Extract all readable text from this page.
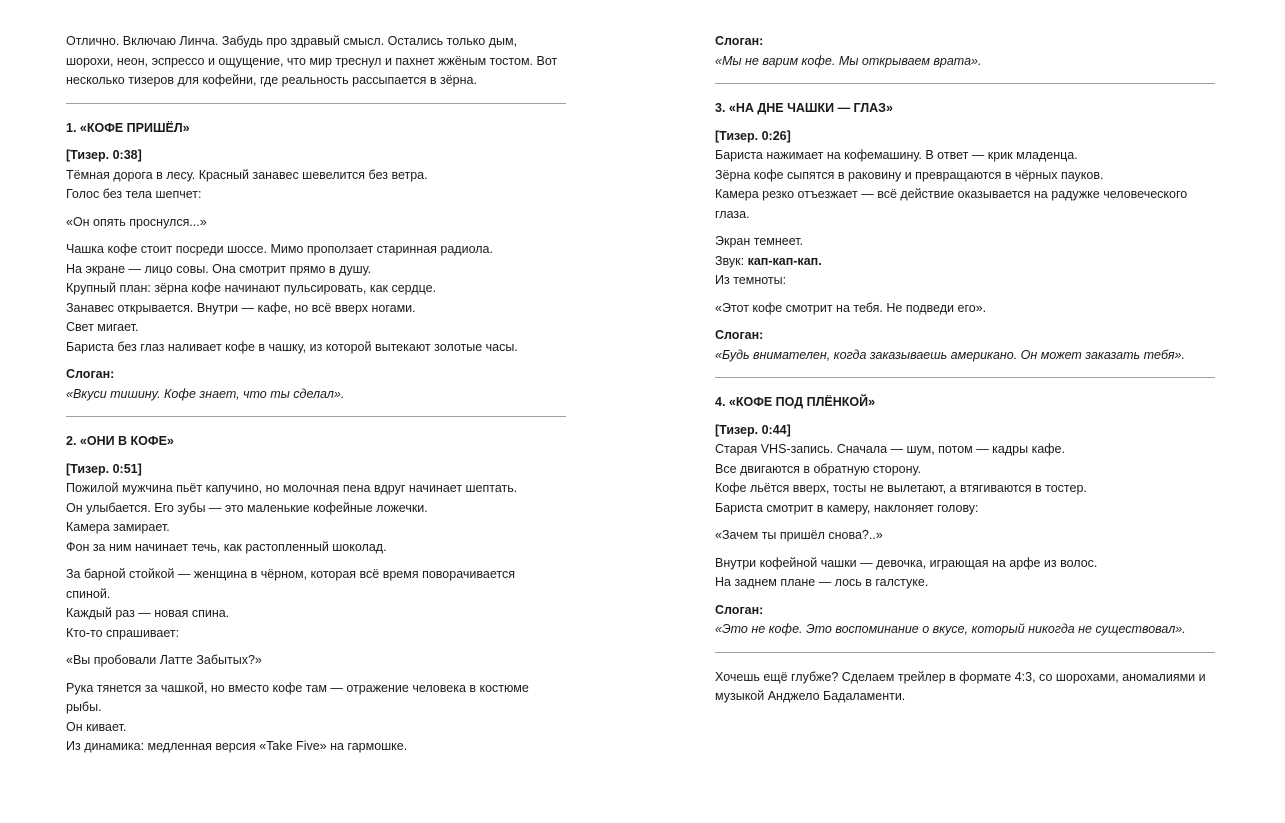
Отлично. Включаю Линча. Забудь про здравый смысл. Остались только дым,
шорохи, неон, эспрессо и ощущение, что мир треснул и пахнет жжёным тостом. Вот
несколько тизеров для кофейни, где реальность рассыпается в зёрна.

1. «КОФЕ ПРИШЁЛ»

[Тизер. 0:38]
Тёмная дорога в лесу. Красный занавес шевелится без ветра.
Голос без тела шепчет:

«Он опять проснулся...»

Чашка кофе стоит посреди шоссе. Мимо проползает старинная радиола.
На экране — лицо совы. Она смотрит прямо в душу.
Крупный план: зёрна кофе начинают пульсировать, как сердце.
Занавес открывается. Внутри — кафе, но всё вверх ногами.
Свет мигает.
Бариста без глаз наливает кофе в чашку, из которой вытекают золотые часы.

Слоган:
«Вкуси тишину. Кофе знает, что ты сделал».

2. «ОНИ В КОФЕ»

[Тизер. 0:51]
Пожилой мужчина пьёт капучино, но молочная пена вдруг начинает шептать.
Он улыбается. Его зубы — это маленькие кофейные ложечки.
Камера замирает.
Фон за ним начинает течь, как растопленный шоколад.

За барной стойкой — женщина в чёрном, которая всё время поворачивается
спиной.
Каждый раз — новая спина.
Кто-то спрашивает:

«Вы пробовали Латте Забытых?»

Рука тянется за чашкой, но вместо кофе там — отражение человека в костюме
рыбы.
Он кивает.
Из динамика: медленная версия «Take Five» на гармошке.

Слоган:
«Мы не варим кофе. Мы открываем врата».

3. «НА ДНЕ ЧАШКИ — ГЛАЗ»

[Тизер. 0:26]
Бариста нажимает на кофемашину. В ответ — крик младенца.
Зёрна кофе сыпятся в раковину и превращаются в чёрных пауков.
Камера резко отъезжает — всё действие оказывается на радужке человеческого
глаза.

Экран темнеет.
Звук: кап-кап-кап.
Из темноты:

«Этот кофе смотрит на тебя. Не подведи его».

Слоган:
«Будь внимателен, когда заказываешь американо. Он может заказать тебя».

4. «КОФЕ ПОД ПЛЁНКОЙ»

[Тизер. 0:44]
Старая VHS-запись. Сначала — шум, потом — кадры кафе.
Все двигаются в обратную сторону.
Кофе льётся вверх, тосты не вылетают, а втягиваются в тостер.
Бариста смотрит в камеру, наклоняет голову:

«Зачем ты пришёл снова?..»

Внутри кофейной чашки — девочка, играющая на арфе из волос.
На заднем плане — лось в галстуке.

Слоган:
«Это не кофе. Это воспоминание о вкусе, который никогда не существовал».

Хочешь ещё глубже? Сделаем трейлер в формате 4:3, со шорохами, аномалиями и
музыкой Анджело Бадаламенти.
